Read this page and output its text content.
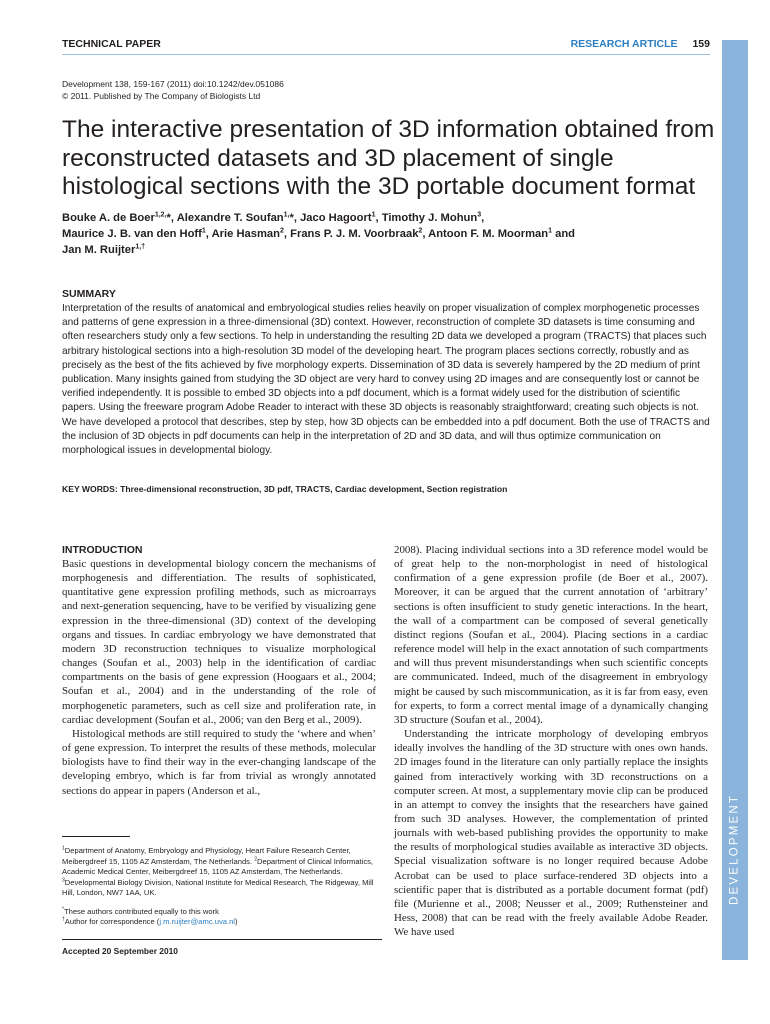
TECHNICAL PAPER	RESEARCH ARTICLE 159
DEVELOPMENT
Development 138, 159-167 (2011) doi:10.1242/dev.051086
© 2011. Published by The Company of Biologists Ltd
The interactive presentation of 3D information obtained from reconstructed datasets and 3D placement of single histological sections with the 3D portable document format
Bouke A. de Boer$^{1,2,}$*, Alexandre T. Soufan$^{1,}$*, Jaco Hagoort$^1$, Timothy J. Mohun$^3$,
Maurice J. B. van den Hoff$^1$, Arie Hasman$^2$, Frans P. J. M. Voorbraak$^2$, Antoon F. M. Moorman$^1$ and
Jan M. Ruijter$^{1,\dagger}$
SUMMARY

Interpretation of the results of anatomical and embryological studies relies heavily on proper visualization of complex morphogenetic processes and patterns of gene expression in a three-dimensional (3D) context. However, reconstruction of complete 3D datasets is time consuming and often researchers study only a few sections. To help in understanding the resulting 2D data we developed a program (TRACTS) that places such arbitrary histological sections into a high-resolution 3D model of the developing heart. The program places sections correctly, robustly and as precisely as the best of the fits achieved by five morphology experts. Dissemination of 3D data is severely hampered by the 2D medium of print publication. Many insights gained from studying the 3D object are very hard to convey using 2D images and are consequently lost or cannot be verified independently. It is possible to embed 3D objects into a pdf document, which is a format widely used for the distribution of scientific papers. Using the freeware program Adobe Reader to interact with these 3D objects is reasonably straightforward; creating such objects is not. We have developed a protocol that describes, step by step, how 3D objects can be embedded into a pdf document. Both the use of TRACTS and the inclusion of 3D objects in pdf documents can help in the interpretation of 2D and 3D data, and will thus optimize communication on morphological issues in developmental biology.

KEY WORDS: Three-dimensional reconstruction, 3D pdf, TRACTS, Cardiac development, Section registration
INTRODUCTION

Basic questions in developmental biology concern the mechanisms of morphogenesis and differentiation. The results of sophisticated, quantitative gene expression profiling methods, such as microarrays and next-generation sequencing, have to be verified by visualizing gene expression in the three-dimensional (3D) context of the developing organs and tissues. In cardiac embryology we have demonstrated that modern 3D reconstruction techniques to visualize morphological changes (Soufan et al., 2003) help in the identification of cardiac compartments on the basis of gene expression (Hoogaars et al., 2004; Soufan et al., 2004) and in the understanding of the role of morphogenetic parameters, such as cell size and proliferation rate, in cardiac development (Soufan et al., 2006; van den Berg et al., 2009).

Histological methods are still required to study the ‘where and when’ of gene expression. To interpret the results of these methods, molecular biologists have to find their way in the ever-changing landscape of the developing embryo, which is far from trivial as wrongly annotated sections do appear in papers (Anderson et al.,

2008). Placing individual sections into a 3D reference model would be of great help to the non-morphologist in need of histological confirmation of a gene expression profile (de Boer et al., 2007). Moreover, it can be argued that the current annotation of ‘arbitrary’ sections is often insufficient to study genetic interactions. In the heart, the wall of a compartment can be composed of several genetically distinct regions (Soufan et al., 2004). Placing sections in a cardiac reference model will help in the exact annotation of such compartments and will thus prevent misunderstandings when such scientific concepts are communicated. Indeed, much of the disagreement in embryology might be caused by such miscommunication, as it is far from easy, even for experts, to form a correct mental image of a dynamically changing 3D structure (Soufan et al., 2004).

Understanding the intricate morphology of developing embryos ideally involves the handling of the 3D structure with ones own hands. 2D images found in the literature can only partially replace the insights gained from interactively working with 3D reconstructions on a computer screen. At most, a supplementary movie clip can be produced in an attempt to convey the insights that the researchers have gained from such 3D analyses. However, the complementation of printed journals with web-based publishing provides the opportunity to make the results of morphological studies available as interactive 3D objects. Special visualization software is no longer required because Adobe Acrobat can be used to place surface-rendered 3D objects into a scientific paper that is distributed as a portable document format (pdf) file (Murienne et al., 2008; Neusser et al., 2009; Ruthensteiner and Hess, 2008) that can be read with the freely available Adobe Reader. We have used

$^1$Department of Anatomy, Embryology and Physiology, Heart Failure Research Center, Meibergdreef 15, 1105 AZ Amsterdam, The Netherlands. $^2$Department of Clinical Informatics, Academic Medical Center, Meibergdreef 15, 1105 AZ Amsterdam, The Netherlands. $^3$Developmental Biology Division, National Institute for Medical Research, The Ridgeway, Mill Hill, London, NW7 1AA, UK.

*These authors contributed equally to this work

†Author for correspondence (j.m.ruijter@amc.uva.nl)

Accepted 20 September 2010
